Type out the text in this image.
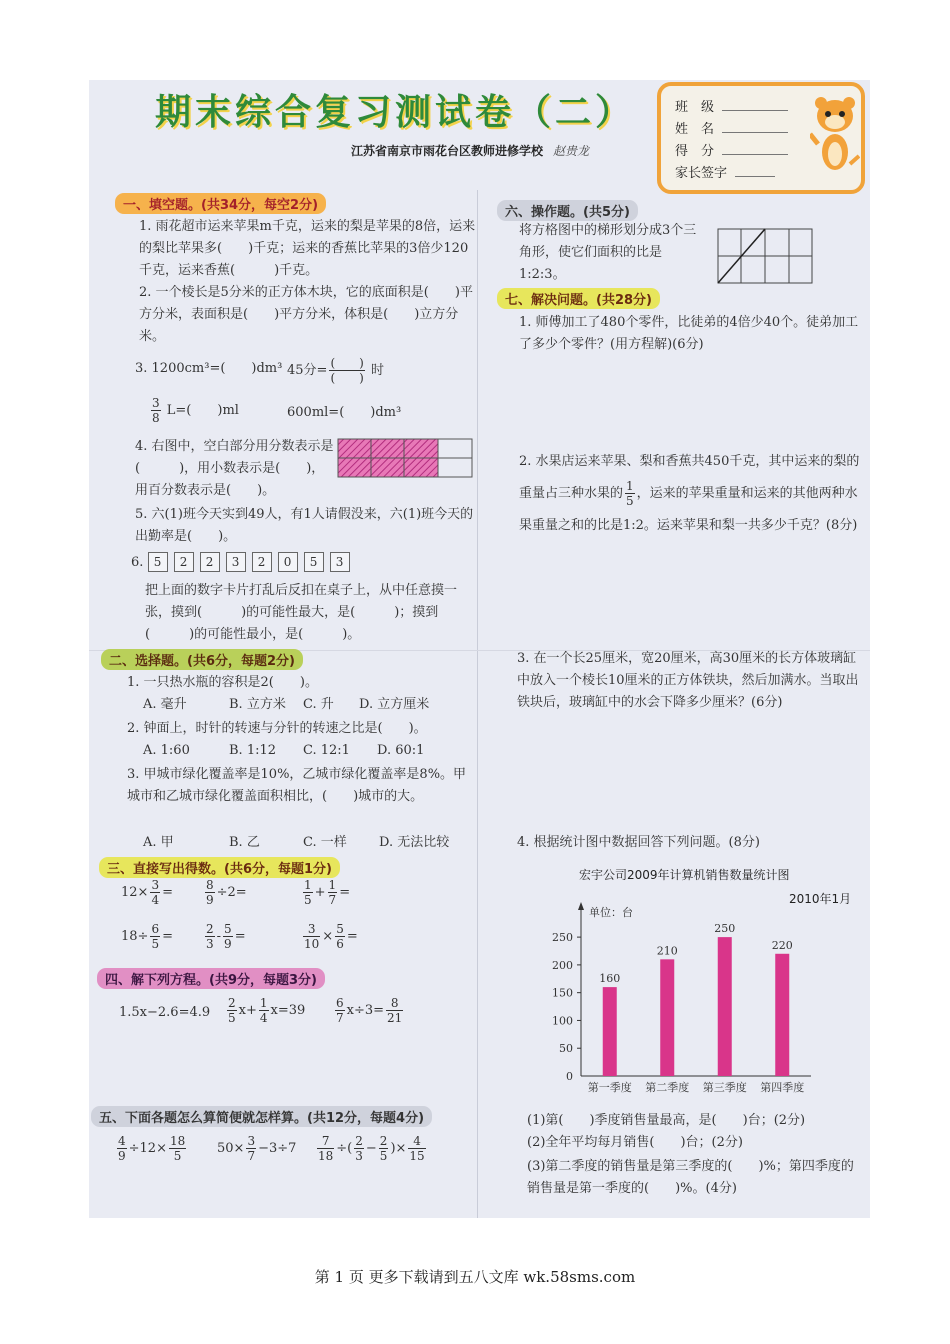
期末综合复习测试卷（二）
江苏省南京市雨花台区教师进修学校 赵贵龙
班　级
姓　名
得　分
家长签字
一、填空题。(共34分，每空2分)
1. 雨花超市运来苹果m千克，运来的梨是苹果的8倍，运来的梨比苹果多(　　)千克；运来的香蕉比苹果的3倍少120千克，运来香蕉(　　　)千克。
2. 一个棱长是5分米的正方体木块，它的底面积是(　　)平方分米，表面积是(　　)平方分米，体积是(　　)立方分米。
3. 1200cm³=(　　)dm³ 45分= $\frac{( )}{( )}$ 时
$\frac{3}{8} L=$(　　)ml	600ml=(　　)dm³
4. 右图中，空白部分用分数表示是(　　　)，用小数表示是(　　)，用百分数表示是(　　)。
5. 六(1)班今天实到49人，有1人请假没来，六(1)班今天的出勤率是(　　)。
6. 5 2 2 3 2 0 5 3
把上面的数字卡片打乱后反扣在桌子上，从中任意摸一张，摸到(　　　)的可能性最大，是(　　　)；摸到(　　　)的可能性最小，是(　　　)。
二、选择题。(共6分，每题2分)
1. 一只热水瓶的容积是2(　　)。
A. 毫升	B. 立方米 C. 升 D. 立方厘米
2. 钟面上，时针的转速与分针的转速之比是(　　)。
A. 1:60	B. 1:12 C. 12:1 D. 60:1
3. 甲城市绿化覆盖率是10%，乙城市绿化覆盖率是8%。甲城市和乙城市绿化覆盖面积相比，(　　)城市的大。
A. 甲	B. 乙	C. 一样 D. 无法比较
三、直接写出得数。(共6分，每题1分)
$12\times \frac{3}{4}$ =	$\frac{8}{9} \div 2=$	$\frac{1}{5} + \frac{1}{7}$ =
$18\div \frac{6}{5}$ =	$\frac{2}{3} - \frac{5}{9}$ =	$\frac{3}{10} \times \frac{5}{6}$ =
四、解下列方程。(共9分，每题3分)
$1.5x-2.6=4.9 \frac{2}{5} x+ \frac{1}{4} x=39 \frac{6}{7} x\div 3= \frac{8}{21}$
五、下面各题怎么算简便就怎样算。(共12分，每题4分)
$\frac{4}{9} \div 12\times \frac{18}{5} 50\times \frac{3}{7} -3\div 7 \frac{7}{18}$ ÷( $\frac{2}{3} - \frac{2}{5}$ )× $\frac{4}{15}$
六、操作题。(共5分)
将方格图中的梯形划分成3个三角形，使它们面积的比是1:2:3。
七、解决问题。(共28分)
1. 师傅加工了480个零件，比徒弟的4倍少40个。徒弟加工了多少个零件？(用方程解)(6分)
2. 水果店运来苹果、梨和香蕉共450千克，其中运来的梨的重量占三种水果的 $\frac{1}{5}$ ，运来的苹果重量和运来的其他两种水果重量之和的比是1:2。运来苹果和梨一共多少千克？(8分)
3. 在一个长25厘米，宽20厘米，高30厘米的长方体玻璃缸中放入一个棱长10厘米的正方体铁块，然后加满水。当取出铁块后，玻璃缸中的水会下降多少厘米？(6分)
4. 根据统计图中数据回答下列问题。(8分)
宏宇公司2009年计算机销售数量统计图
2010年1月
单位：台
0
50
100
150
200
250
160
第一季度
210
第二季度
250
第三季度
220
第四季度
(1)第(　　)季度销售量最高，是(　　)台；(2分)
(2)全年平均每月销售(　　)台；(2分)
(3)第二季度的销售量是第三季度的(　　)%；第四季度的销售量是第一季度的(　　)%。(4分)
第 1 页 更多下载请到五八文库 wk.58sms.com
